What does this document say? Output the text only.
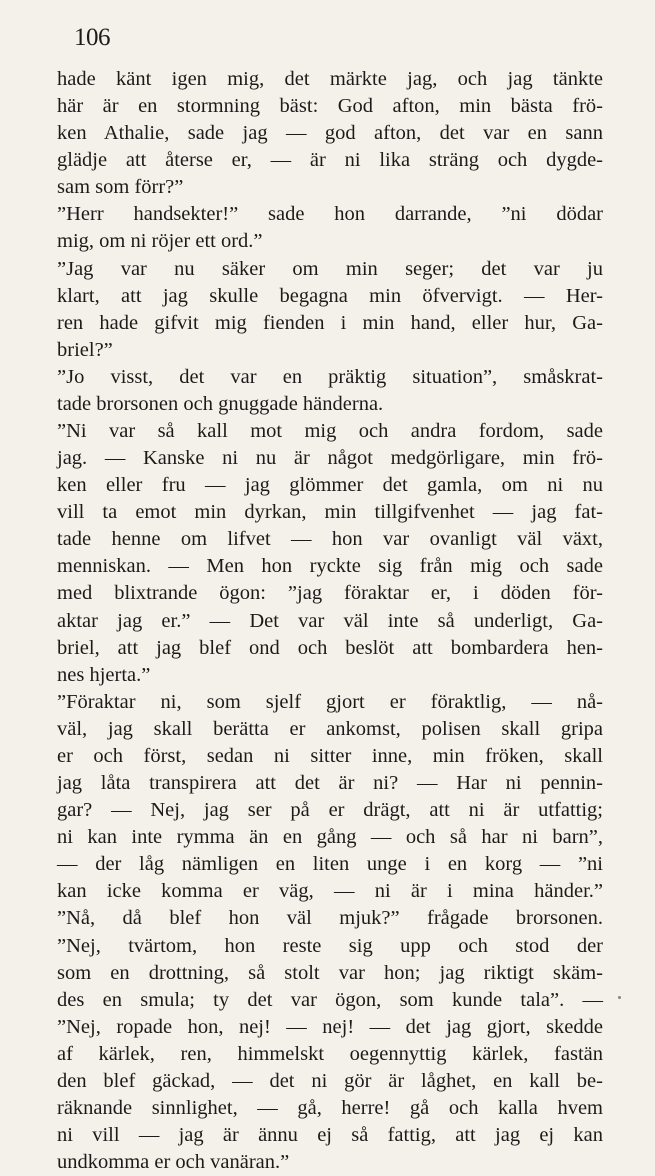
106
hade känt igen mig, det märkte jag, och jag tänkte
här är en stormning bäst: God afton, min bästa frö-
ken Athalie, sade jag — god afton, det var en sann
glädje att återse er, — är ni lika sträng och dygde-
sam som förr?”
”Herr handsekter!” sade hon darrande, ”ni dödar
mig, om ni röjer ett ord.”
”Jag var nu säker om min seger; det var ju
klart, att jag skulle begagna min öfvervigt. — Her-
ren hade gifvit mig fienden i min hand, eller hur, Ga-
briel?”
”Jo visst, det var en präktig situation”, småskrat-
tade brorsonen och gnuggade händerna.
”Ni var så kall mot mig och andra fordom, sade
jag. — Kanske ni nu är något medgörligare, min frö-
ken eller fru — jag glömmer det gamla, om ni nu
vill ta emot min dyrkan, min tillgifvenhet — jag fat-
tade henne om lifvet — hon var ovanligt väl växt,
menniskan. — Men hon ryckte sig från mig och sade
med blixtrande ögon: ”jag föraktar er, i döden för-
aktar jag er.” — Det var väl inte så underligt, Ga-
briel, att jag blef ond och beslöt att bombardera hen-
nes hjerta.”
”Föraktar ni, som sjelf gjort er föraktlig, — nå-
väl, jag skall berätta er ankomst, polisen skall gripa
er och först, sedan ni sitter inne, min fröken, skall
jag låta transpirera att det är ni? — Har ni pennin-
gar? — Nej, jag ser på er drägt, att ni är utfattig;
ni kan inte rymma än en gång — och så har ni barn”,
— der låg nämligen en liten unge i en korg — ”ni
kan icke komma er väg, — ni är i mina händer.”
”Nå, då blef hon väl mjuk?” frågade brorsonen.
”Nej, tvärtom, hon reste sig upp och stod der
som en drottning, så stolt var hon; jag riktigt skäm-
des en smula; ty det var ögon, som kunde tala”. —
”Nej, ropade hon, nej! — nej! — det jag gjort, skedde
af kärlek, ren, himmelskt oegennyttig kärlek, fastän
den blef gäckad, — det ni gör är låghet, en kall be-
räknande sinnlighet, — gå, herre! gå och kalla hvem
ni vill — jag är ännu ej så fattig, att jag ej kan
undkomma er och vanäran.”
